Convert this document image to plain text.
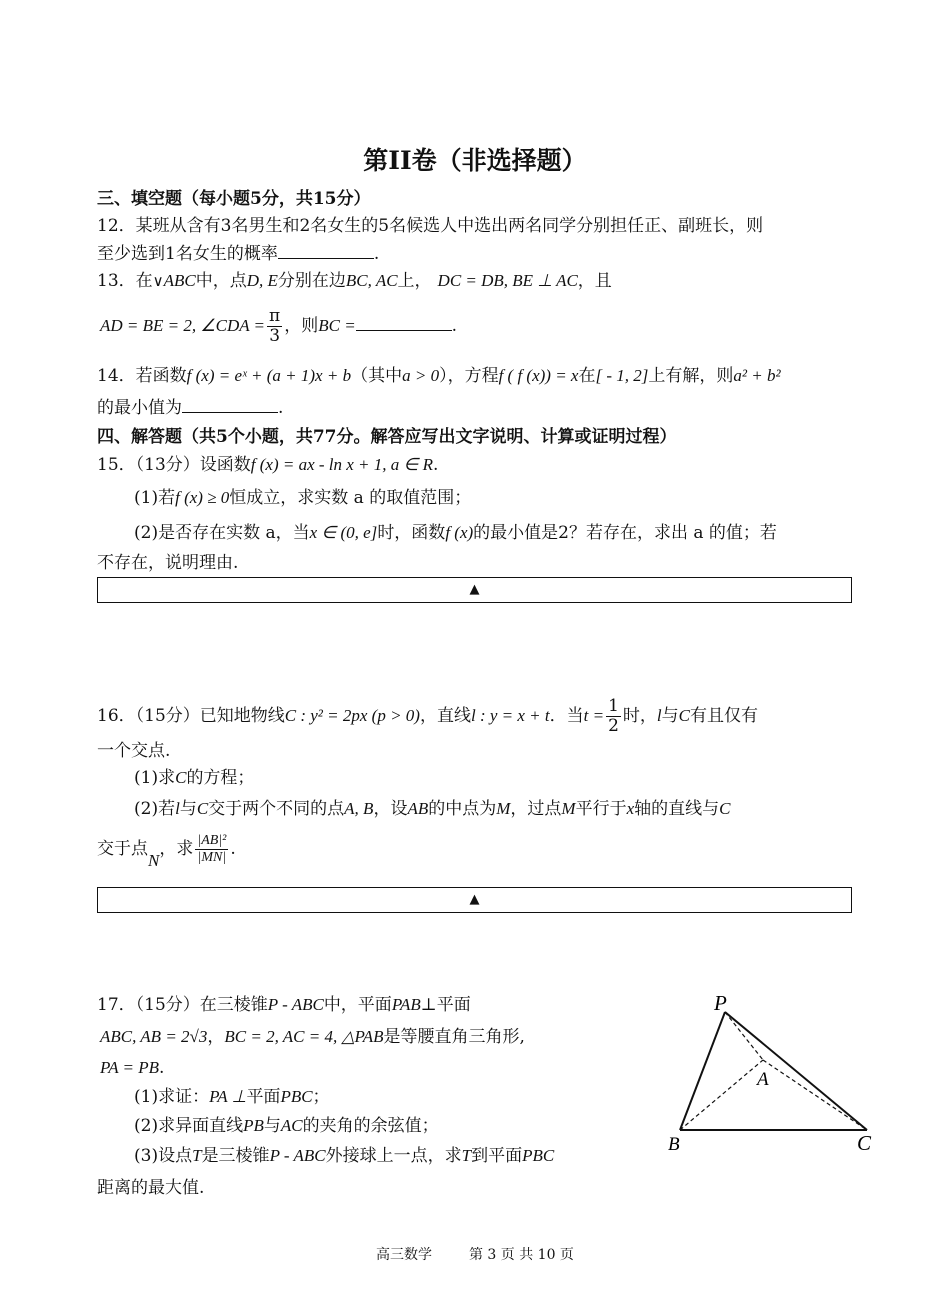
第II卷（非选择题）
三、填空题（每小题5分，共15分）
12．某班从含有3名男生和2名女生的5名候选人中选出两名同学分别担任正、副班长，则
至少选到1名女生的概率	.
13．在∨ABC中，点D, E分别在边BC, AC上， DC = DB, BE ⊥ AC，且
AD = BE = 2, ∠CDA = $\frac{\pi}{3}$ ，则BC =	.
14．若函数f (x) = eˣ + (a + 1)x + b（其中a > 0），方程f ( f (x)) = x在[ - 1, 2]上有解，则a² + b²
的最小值为	.
四、解答题（共5个小题，共77分。解答应写出文字说明、计算或证明过程）
15．（13分）设函数f (x) = ax - ln x + 1, a ∈ R.
(1)若f (x) ≥ 0恒成立，求实数 a 的取值范围；
(2)是否存在实数 a，当x ∈ (0, e]时，函数f (x)的最小值是2？若存在，求出 a 的值；若
不存在，说明理由.
▲
16．（15分）已知地物线C : y² = 2px (p > 0)，直线l : y = x + t．当$t = \frac{1}{2}$ 时，l与C有且仅有
一个交点.
(1)求C的方程；
(2)若l与C交于两个不同的点A, B，设AB的中点为M，过点M平行于x轴的直线与C
交于点N，求 $\frac{\text{|AB|²}}{|MN|}$ .
▲
17．（15分）在三棱锥P - ABC中，平面PAB⊥平面
ABC, AB = 2√3，BC = 2, AC = 4, △PAB是等腰直角三角形,
PA = PB.
(1)求证：PA ⊥平面PBC；
(2)求异面直线PB与AC的夹角的余弦值；
(3)设点T是三棱锥P - ABC外接球上一点，求T到平面PBC
距离的最大值.
P
A
B	C
高三数学	第 3 页 共 10 页
